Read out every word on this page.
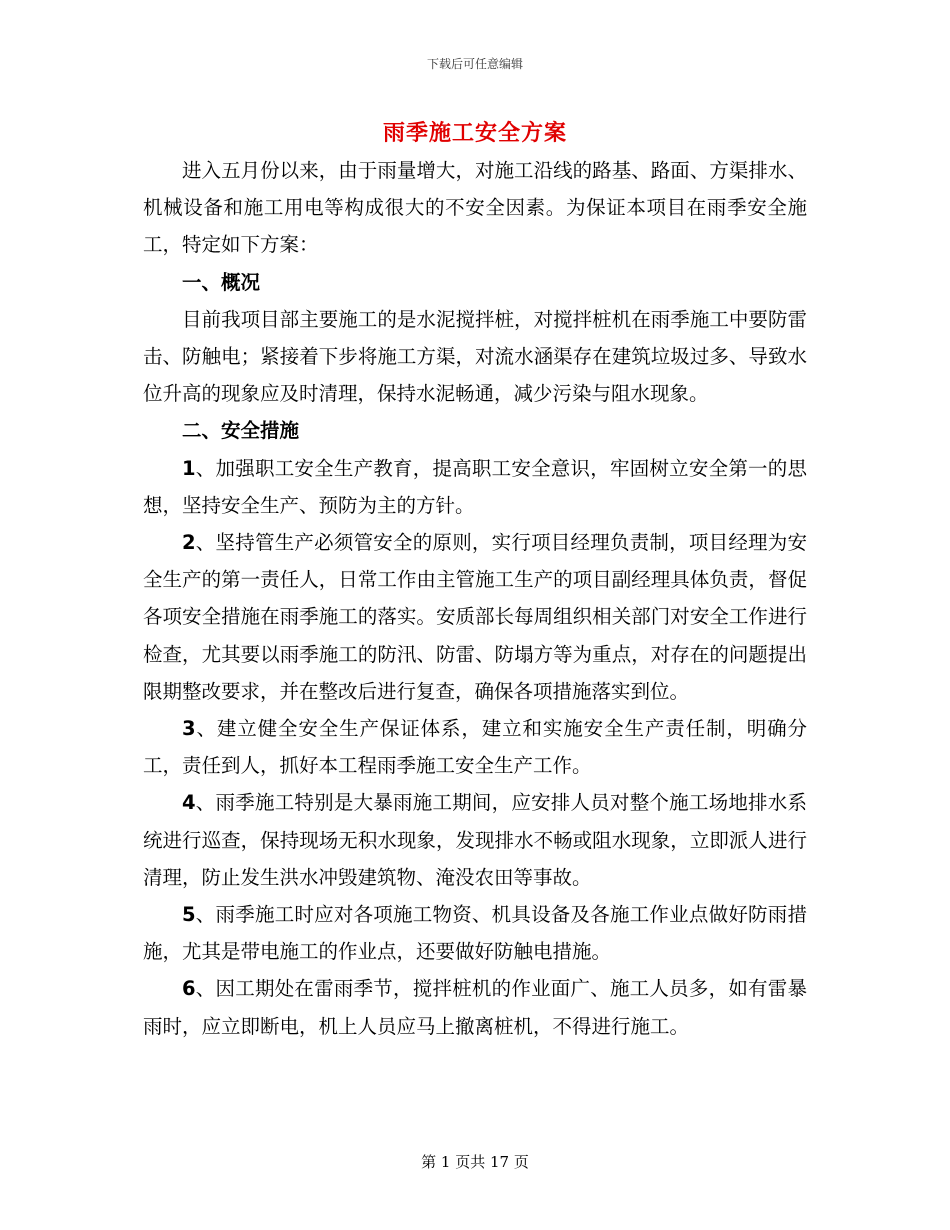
下载后可任意编辑
雨季施工安全方案

进入五月份以来，由于雨量增大，对施工沿线的路基、路面、方渠排水、机械设备和施工用电等构成很大的不安全因素。为保证本项目在雨季安全施工，特定如下方案：

一、概况

目前我项目部主要施工的是水泥搅拌桩，对搅拌桩机在雨季施工中要防雷击、防触电；紧接着下步将施工方渠，对流水涵渠存在建筑垃圾过多、导致水位升高的现象应及时清理，保持水泥畅通，减少污染与阻水现象。

二、安全措施

1、加强职工安全生产教育，提高职工安全意识，牢固树立安全第一的思想，坚持安全生产、预防为主的方针。

2、坚持管生产必须管安全的原则，实行项目经理负责制，项目经理为安全生产的第一责任人，日常工作由主管施工生产的项目副经理具体负责，督促各项安全措施在雨季施工的落实。安质部长每周组织相关部门对安全工作进行检查，尤其要以雨季施工的防汛、防雷、防塌方等为重点，对存在的问题提出限期整改要求，并在整改后进行复查，确保各项措施落实到位。

3、建立健全安全生产保证体系，建立和实施安全生产责任制，明确分工，责任到人，抓好本工程雨季施工安全生产工作。

4、雨季施工特别是大暴雨施工期间，应安排人员对整个施工场地排水系统进行巡查，保持现场无积水现象，发现排水不畅或阻水现象，立即派人进行清理，防止发生洪水冲毁建筑物、淹没农田等事故。

5、雨季施工时应对各项施工物资、机具设备及各施工作业点做好防雨措施，尤其是带电施工的作业点，还要做好防触电措施。

6、因工期处在雷雨季节，搅拌桩机的作业面广、施工人员多，如有雷暴雨时，应立即断电，机上人员应马上撤离桩机，不得进行施工。

第 1 页共 17 页
